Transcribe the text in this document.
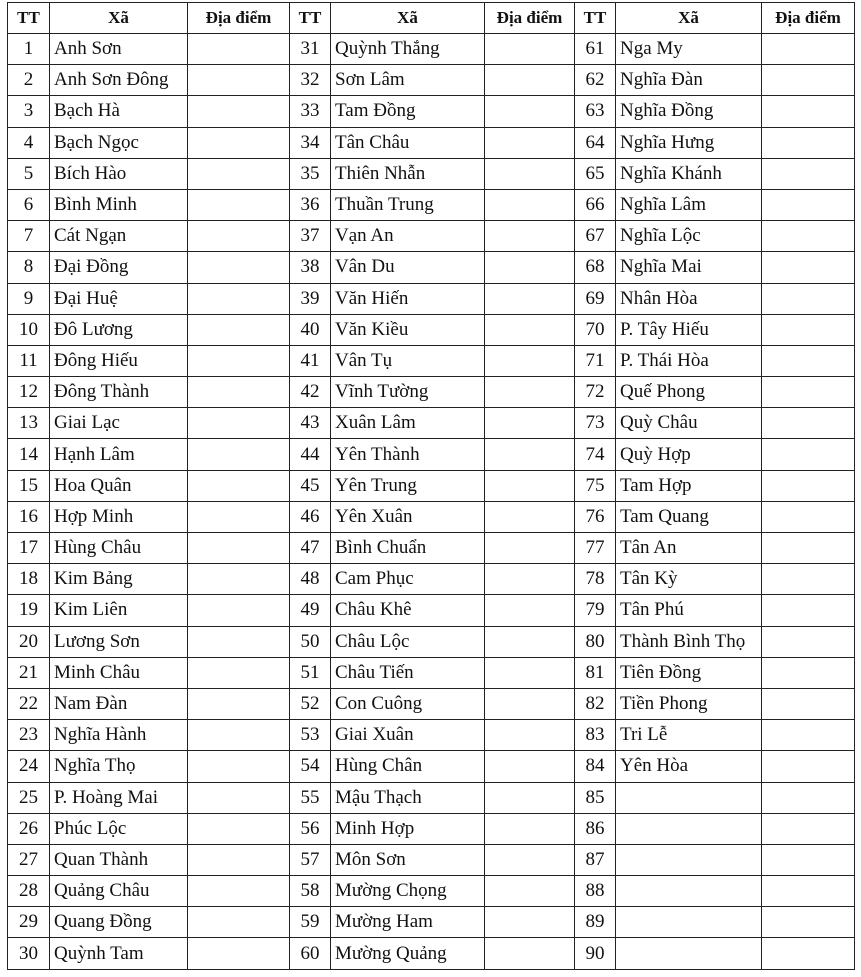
TT	Xã	Địa điểm	TT	Xã	Địa điểm	TT	Xã	Địa điểm
1	Anh Sơn		31	Quỳnh Thắng		61	Nga My	
2	Anh Sơn Đông		32	Sơn Lâm		62	Nghĩa Đàn	
3	Bạch Hà		33	Tam Đồng		63	Nghĩa Đồng	
4	Bạch Ngọc		34	Tân Châu		64	Nghĩa Hưng	
5	Bích Hào		35	Thiên Nhẫn		65	Nghĩa Khánh	
6	Bình Minh		36	Thuần Trung		66	Nghĩa Lâm	
7	Cát Ngạn		37	Vạn An		67	Nghĩa Lộc	
8	Đại Đồng		38	Vân Du		68	Nghĩa Mai	
9	Đại Huệ		39	Văn Hiến		69	Nhân Hòa	
10	Đô Lương		40	Văn Kiều		70	P. Tây Hiếu	
11	Đông Hiếu		41	Vân Tụ		71	P. Thái Hòa	
12	Đông Thành		42	Vĩnh Tường		72	Quế Phong	
13	Giai Lạc		43	Xuân Lâm		73	Quỳ Châu	
14	Hạnh Lâm		44	Yên Thành		74	Quỳ Hợp	
15	Hoa Quân		45	Yên Trung		75	Tam Hợp	
16	Hợp Minh		46	Yên Xuân		76	Tam Quang	
17	Hùng Châu		47	Bình Chuẩn		77	Tân An	
18	Kim Bảng		48	Cam Phục		78	Tân Kỳ	
19	Kim Liên		49	Châu Khê		79	Tân Phú	
20	Lương Sơn		50	Châu Lộc		80	Thành Bình Thọ	
21	Minh Châu		51	Châu Tiến		81	Tiên Đồng	
22	Nam Đàn		52	Con Cuông		82	Tiền Phong	
23	Nghĩa Hành		53	Giai Xuân		83	Tri Lễ	
24	Nghĩa Thọ		54	Hùng Chân		84	Yên Hòa	
25	P. Hoàng Mai		55	Mậu Thạch		85		
26	Phúc Lộc		56	Minh Hợp		86		
27	Quan Thành		57	Môn Sơn		87		
28	Quảng Châu		58	Mường Chọng		88		
29	Quang Đồng		59	Mường Ham		89		
30	Quỳnh Tam		60	Mường Quảng		90		
